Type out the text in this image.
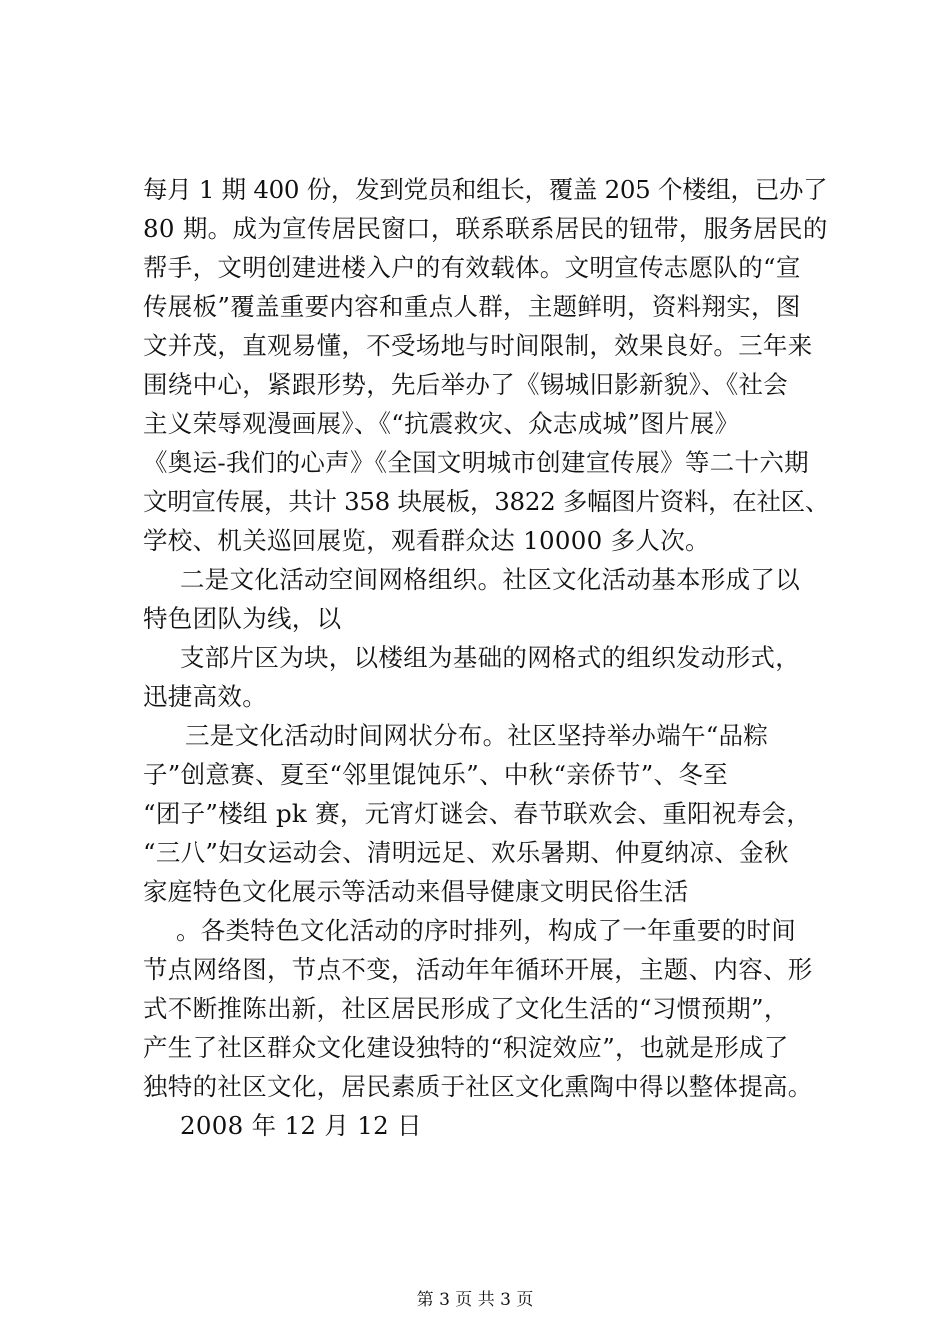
每月 1 期 400 份，发到党员和组长，覆盖 205 个楼组，已办了
80 期。成为宣传居民窗口，联系联系居民的钮带，服务居民的
帮手，文明创建进楼入户的有效载体。文明宣传志愿队的“宣
传展板”覆盖重要内容和重点人群，主题鲜明，资料翔实，图
文并茂，直观易懂，不受场地与时间限制，效果良好。三年来
围绕中心，紧跟形势，先后举办了《锡城旧影新貌》、《社会
主义荣辱观漫画展》、《“抗震救灾、众志成城”图片展》
《奥运-我们的心声》《全国文明城市创建宣传展》等二十六期
文明宣传展，共计 358 块展板，3822 多幅图片资料，在社区、
学校、机关巡回展览，观看群众达 10000 多人次。
二是文化活动空间网格组织。社区文化活动基本形成了以
特色团队为线，以
支部片区为块，以楼组为基础的网格式的组织发动形式，
迅捷高效。
三是文化活动时间网状分布。社区坚持举办端午“品粽
子”创意赛、夏至“邻里馄饨乐”、中秋“亲侨节”、冬至
“团子”楼组 pk 赛，元宵灯谜会、春节联欢会、重阳祝寿会，
“三八”妇女运动会、清明远足、欢乐暑期、仲夏纳凉、金秋
家庭特色文化展示等活动来倡导健康文明民俗生活
。各类特色文化活动的序时排列，构成了一年重要的时间
节点网络图，节点不变，活动年年循环开展，主题、内容、形
式不断推陈出新，社区居民形成了文化生活的“习惯预期”，
产生了社区群众文化建设独特的“积淀效应”，也就是形成了
独特的社区文化，居民素质于社区文化熏陶中得以整体提高。
2008 年 12 月 12 日
第 3 页 共 3 页
